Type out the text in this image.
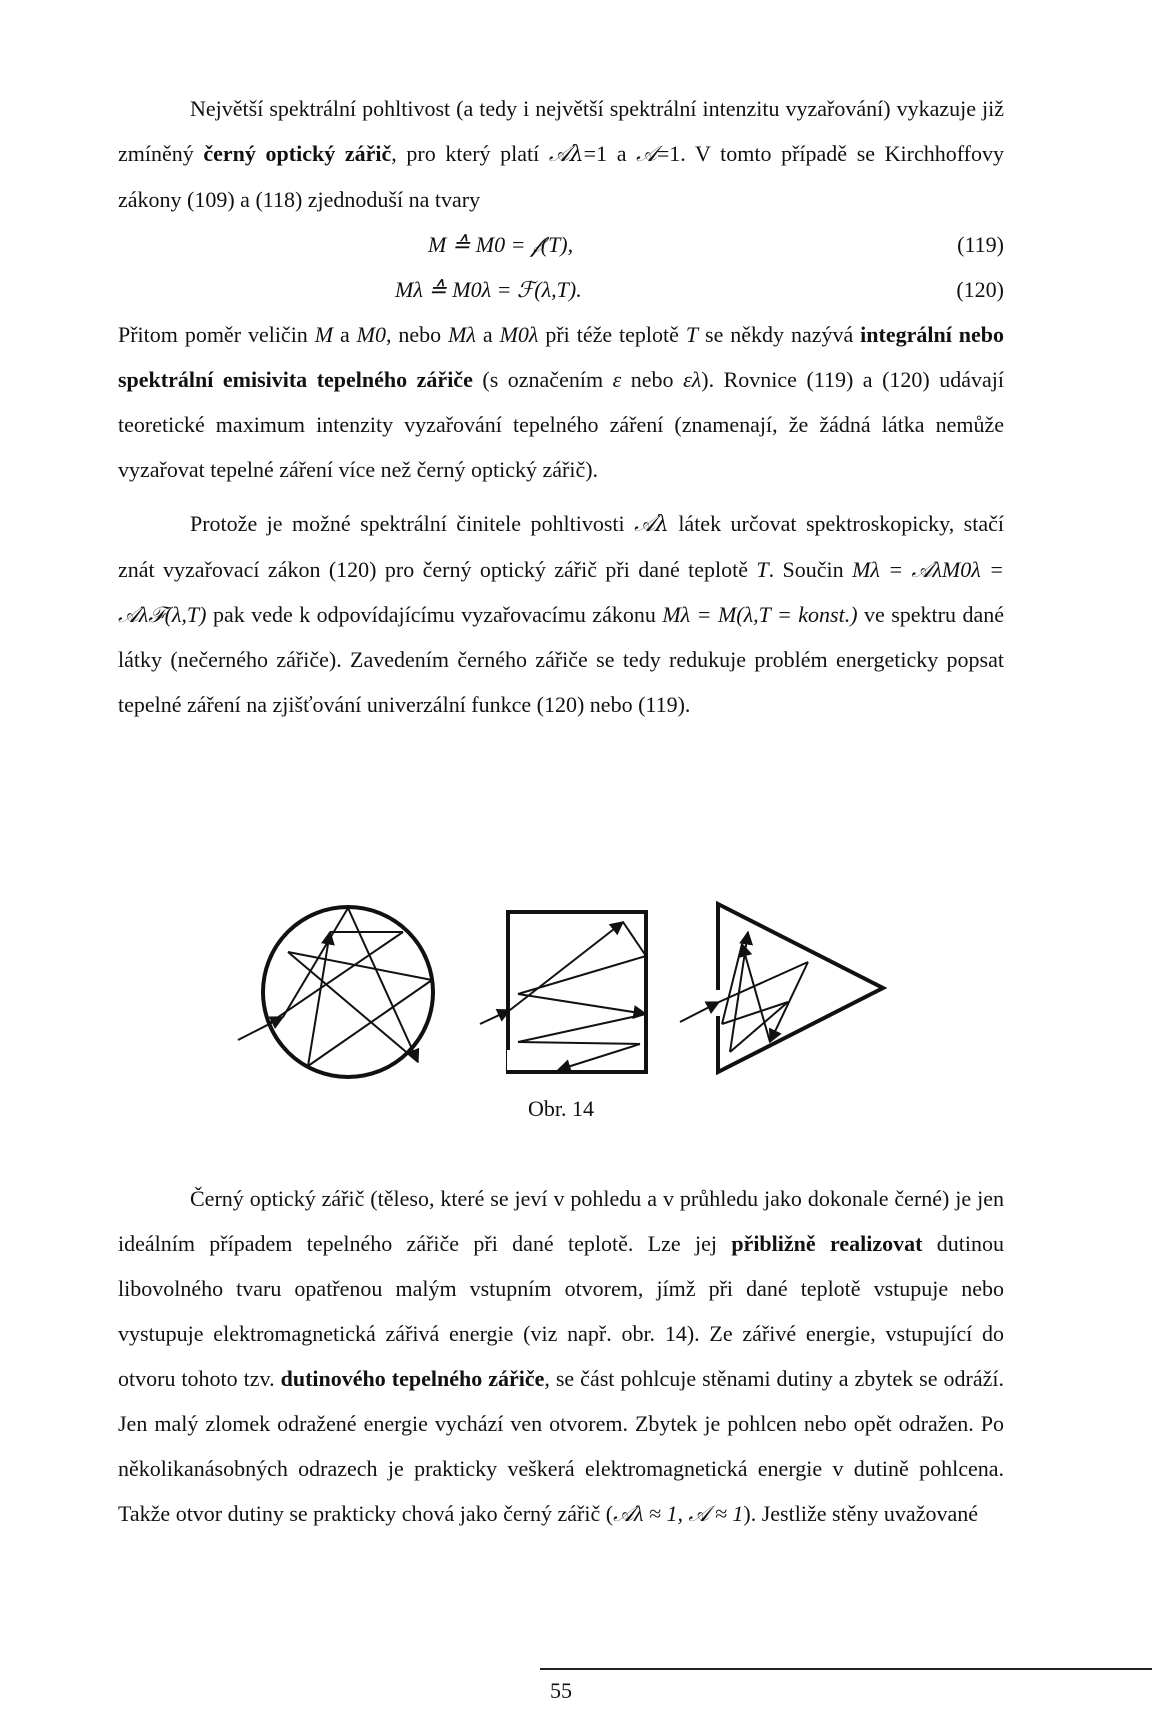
Největší spektrální pohltivost (a tedy i největší spektrální intenzitu vyzařování) vykazuje již zmíněný černý optický zářič, pro který platí 𝒜λ=1 a 𝒜=1. V tomto případě se Kirchhoffovy zákony (109) a (118) zjednoduší na tvary

M ≙ M0 = 𝒻(T),	(119)
Mλ ≙ M0λ = ℱ(λ,T).	(120)

Přitom poměr veličin M a M0, nebo Mλ a M0λ při téže teplotě T se někdy nazývá integrální nebo spektrální emisivita tepelného zářiče (s označením ε nebo ελ). Rovnice (119) a (120) udávají teoretické maximum intenzity vyzařování tepelného záření (znamenají, že žádná látka nemůže vyzařovat tepelné záření více než černý optický zářič).

Protože je možné spektrální činitele pohltivosti 𝒜λ látek určovat spektroskopicky, stačí znát vyzařovací zákon (120) pro černý optický zářič při dané teplotě T. Součin Mλ = 𝒜λM0λ = 𝒜λℱ(λ,T) pak vede k odpovídajícímu vyzařovacímu zákonu Mλ = M(λ,T = konst.) ve spektru dané látky (nečerného zářiče). Zavedením černého zářiče se tedy redukuje problém energeticky popsat tepelné záření na zjišťování univerzální funkce (120) nebo (119).

Obr. 14

Černý optický zářič (těleso, které se jeví v pohledu a v průhledu jako dokonale černé) je jen ideálním případem tepelného zářiče při dané teplotě. Lze jej přibližně realizovat dutinou libovolného tvaru opatřenou malým vstupním otvorem, jímž při dané teplotě vstupuje nebo vystupuje elektromagnetická zářivá energie (viz např. obr. 14). Ze zářivé energie, vstupující do otvoru tohoto tzv. dutinového tepelného zářiče, se část pohlcuje stěnami dutiny a zbytek se odráží. Jen malý zlomek odražené energie vychází ven otvorem. Zbytek je pohlcen nebo opět odražen. Po několikanásobných odrazech je prakticky veškerá elektromagnetická energie v dutině pohlcena. Takže otvor dutiny se prakticky chová jako černý zářič (𝒜λ ≈ 1, 𝒜 ≈ 1). Jestliže stěny uvažované

55
